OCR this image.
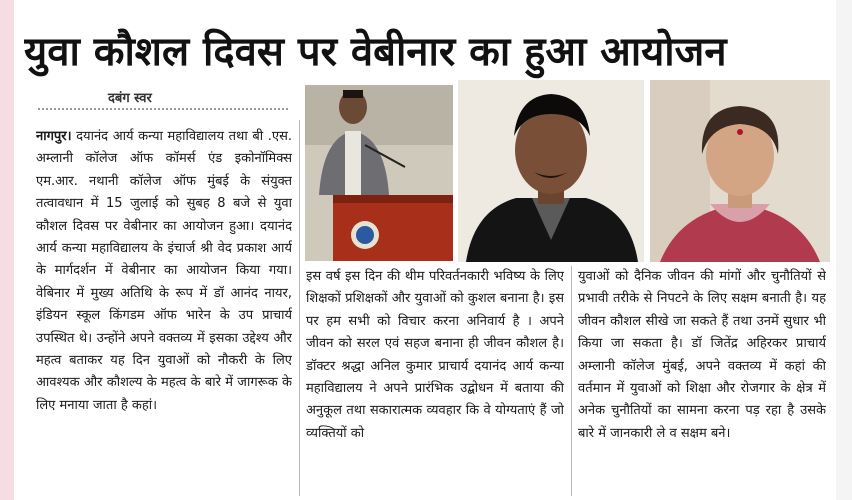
युवा कौशल दिवस पर वेबीनार का हुआ आयोजन
दबंग स्वर

नागपुर। दयानंद आर्य कन्या महाविद्यालय तथा बी .एस. अम्लानी कॉलेज ऑफ कॉमर्स एंड इकोनॉमिक्स एम.आर. नथानी कॉलेज ऑफ मुंबई के संयुक्त तत्वावधान में 15 जुलाई को सुबह 8 बजे से युवा कौशल दिवस पर वेबीनार का आयोजन हुआ। दयानंद आर्य कन्या महाविद्यालय के इंचार्ज श्री वेद प्रकाश आर्य के मार्गदर्शन में वेबीनार का आयोजन किया गया। वेबिनार में मुख्य अतिथि के रूप में डॉ आनंद नायर, इंडियन स्कूल किंगडम ऑफ भारेन के उप प्राचार्य उपस्थित थे। उन्होंने अपने वक्तव्य में इसका उद्देश्य और महत्व बताकर यह दिन युवाओं को नौकरी के लिए आवश्यक और कौशल्य के महत्व के बारे में जागरूक के लिए मनाया जाता है कहां।

इस वर्ष इस दिन की थीम परिवर्तनकारी भविष्य के लिए शिक्षकों प्रशिक्षकों और युवाओं को कुशल बनाना है। इस पर हम सभी को विचार करना अनिवार्य है । अपने जीवन को सरल एवं सहज बनाना ही जीवन कौशल है। डॉक्टर श्रद्धा अनिल कुमार प्राचार्य दयानंद आर्य कन्या महाविद्यालय ने अपने प्रारंभिक उद्बोधन में बताया की अनुकूल तथा सकारात्मक व्यवहार कि वे योग्यताएं हैं जो व्यक्तियों को

युवाओं को दैनिक जीवन की मांगों और चुनौतियों से प्रभावी तरीके से निपटने के लिए सक्षम बनाती है। यह जीवन कौशल सीखे जा सकते हैं तथा उनमें सुधार भी किया जा सकता है। डॉ जितेंद्र अहिरकर प्राचार्य अम्लानी कॉलेज मुंबई, अपने वक्तव्य में कहां की वर्तमान में युवाओं को शिक्षा और रोजगार के क्षेत्र में अनेक चुनौतियों का सामना करना पड़ रहा है उसके बारे में जानकारी ले व सक्षम बने।
